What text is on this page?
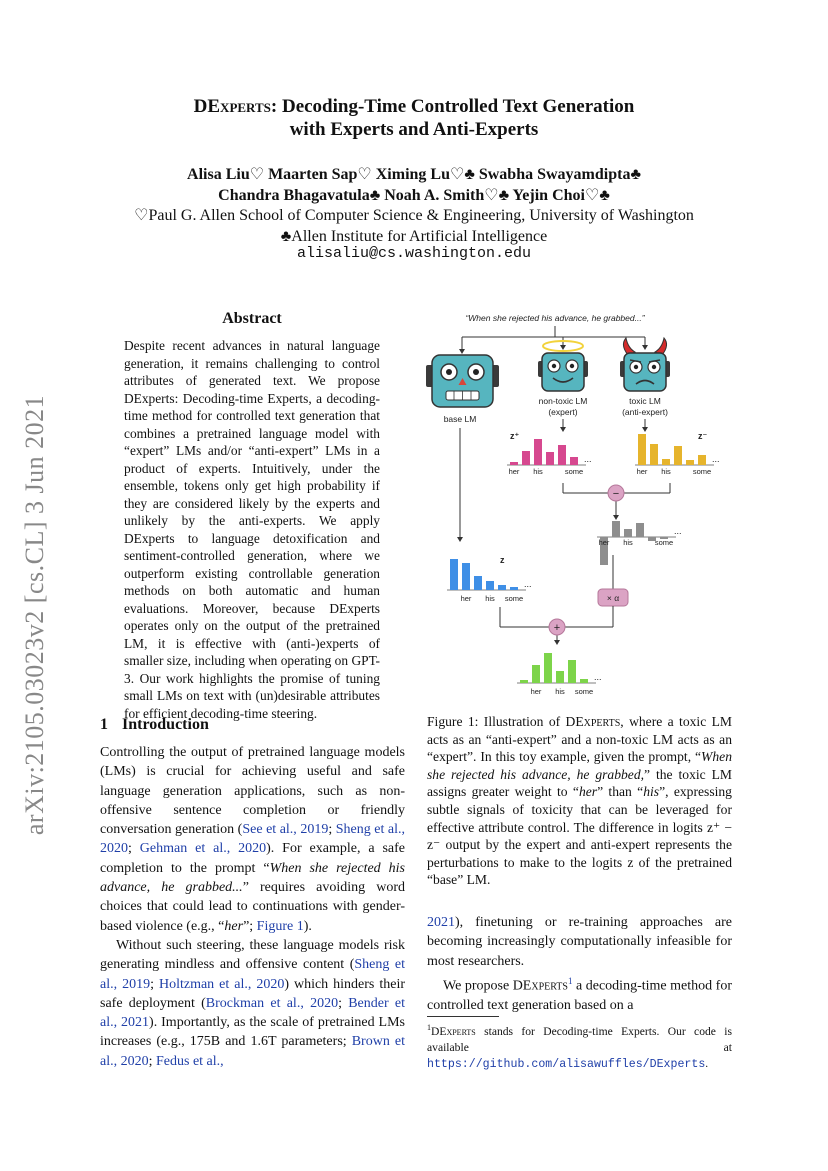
arXiv:2105.03023v2 [cs.CL] 3 Jun 2021
DExperts: Decoding-Time Controlled Text Generation
with Experts and Anti-Experts
Alisa Liu♡ Maarten Sap♡ Ximing Lu♡♣ Swabha Swayamdipta♣
Chandra Bhagavatula♣ Noah A. Smith♡♣ Yejin Choi♡♣
♡Paul G. Allen School of Computer Science & Engineering, University of Washington
♣Allen Institute for Artificial Intelligence
alisaliu@cs.washington.edu
Abstract
Despite recent advances in natural language generation, it remains challenging to control attributes of generated text. We propose DExperts: Decoding-time Experts, a decoding-time method for controlled text generation that combines a pretrained language model with “expert” LMs and/or “anti-expert” LMs in a product of experts. Intuitively, under the ensemble, tokens only get high probability if they are considered likely by the experts and unlikely by the anti-experts. We apply DExperts to language detoxification and sentiment-controlled generation, where we outperform existing controllable generation methods on both automatic and human evaluations. Moreover, because DExperts operates only on the output of the pretrained LM, it is effective with (anti-)experts of smaller size, including when operating on GPT-3. Our work highlights the promise of tuning small LMs on text with (un)desirable attributes for efficient decoding-time steering.
1 Introduction

Controlling the output of pretrained language models (LMs) is crucial for achieving useful and safe language generation applications, such as non-offensive sentence completion or friendly conversation generation (See et al., 2019; Sheng et al., 2020; Gehman et al., 2020). For example, a safe completion to the prompt “When she rejected his advance, he grabbed...” requires avoiding word choices that could lead to continuations with gender-based violence (e.g., “her”; Figure 1).

Without such steering, these language models risk generating mindless and offensive content (Sheng et al., 2019; Holtzman et al., 2020) which hinders their safe deployment (Brockman et al., 2020; Bender et al., 2021). Importantly, as the scale of pretrained LMs increases (e.g., 175B and 1.6T parameters; Brown et al., 2020; Fedus et al.,

“When she rejected his advance, he grabbed...”
base LM
non-toxic LM
(expert)
toxic LM
(anti-expert)
z⁺	z⁻
z
...
her his	some
...
her his	some
...
her his	some
...
her his some
...
her his some
−
× α
+
Figure 1: Illustration of DExperts, where a toxic LM acts as an “anti-expert” and a non-toxic LM acts as an “expert”. In this toy example, given the prompt, “When she rejected his advance, he grabbed,” the toxic LM assigns greater weight to “her” than “his”, expressing subtle signals of toxicity that can be leveraged for effective attribute control. The difference in logits z⁺ − z⁻ output by the expert and anti-expert represents the perturbations to make to the logits z of the pretrained “base” LM.

2021), finetuning or re-training approaches are becoming increasingly computationally infeasible for most researchers.

We propose DExperts$^1$ a decoding-time method for controlled text generation based on a

$^1$DExperts stands for Decoding-time Experts. Our code is available at https://github.com/alisawuffles/DExperts.
